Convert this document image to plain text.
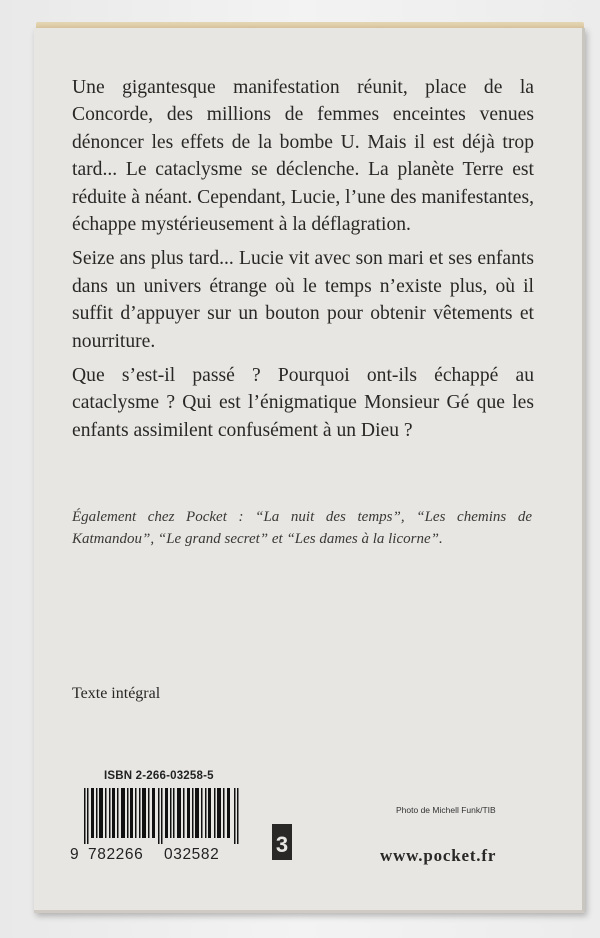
Une gigantesque manifestation réunit, place de la Concorde, des millions de femmes enceintes venues dénoncer les effets de la bombe U. Mais il est déjà trop tard... Le cataclysme se déclenche. La planète Terre est réduite à néant. Cependant, Lucie, l’une des manifestantes, échappe mystérieusement à la déflagration.

Seize ans plus tard... Lucie vit avec son mari et ses enfants dans un univers étrange où le temps n’existe plus, où il suffit d’appuyer sur un bouton pour obtenir vêtements et nourriture.

Que s’est-il passé ? Pourquoi ont-ils échappé au cataclysme ? Qui est l’énigmatique Monsieur Gé que les enfants assimilent confusément à un Dieu ?

Également chez Pocket : “La nuit des temps”, “Les chemins de Katmandou”, “Le grand secret” et “Les dames à la licorne”.
Texte intégral
ISBN 2-266-03258-5
9 782266 032582	3
Photo de Michell Funk/TIB
www.pocket.fr
